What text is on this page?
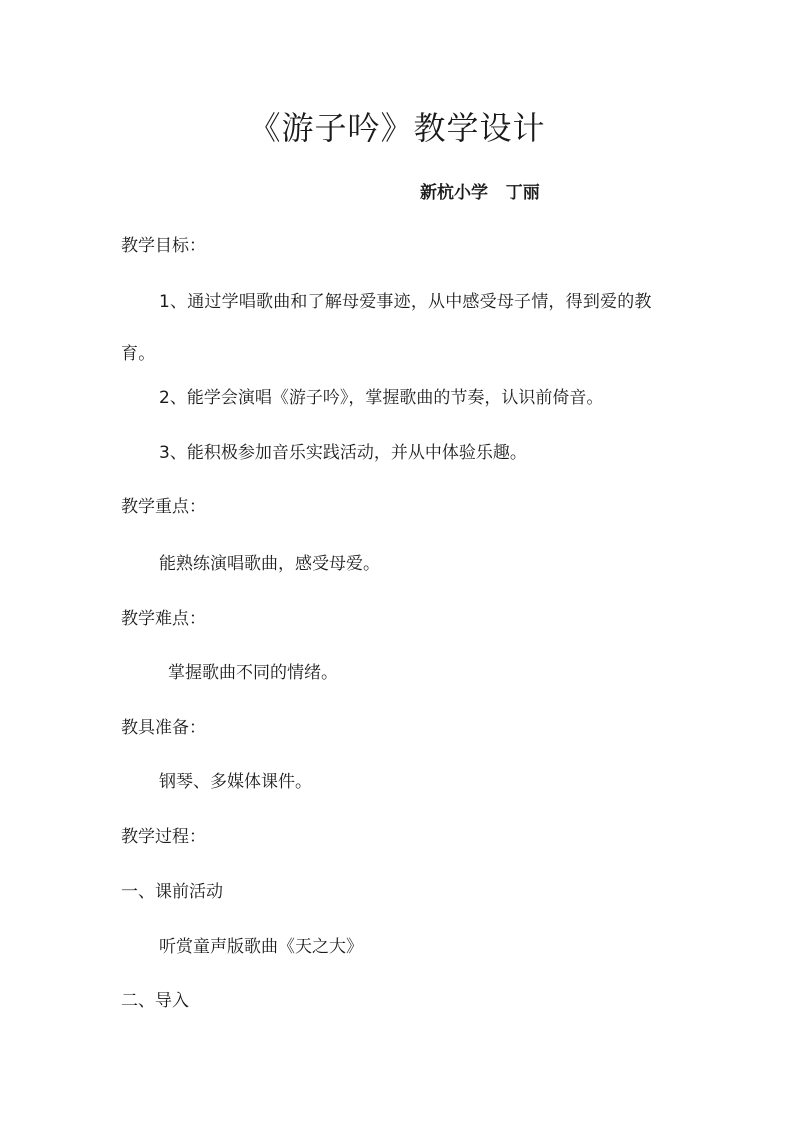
《游子吟》教学设计
新杭小学   丁丽
教学目标：
1、通过学唱歌曲和了解母爱事迹，从中感受母子情，得到爱的教育。
2、能学会演唱《游子吟》，掌握歌曲的节奏，认识前倚音。
3、能积极参加音乐实践活动，并从中体验乐趣。
教学重点：
能熟练演唱歌曲，感受母爱。
教学难点：
掌握歌曲不同的情绪。
教具准备：
钢琴、多媒体课件。
教学过程：
一、课前活动
听赏童声版歌曲《天之大》
二、导入
